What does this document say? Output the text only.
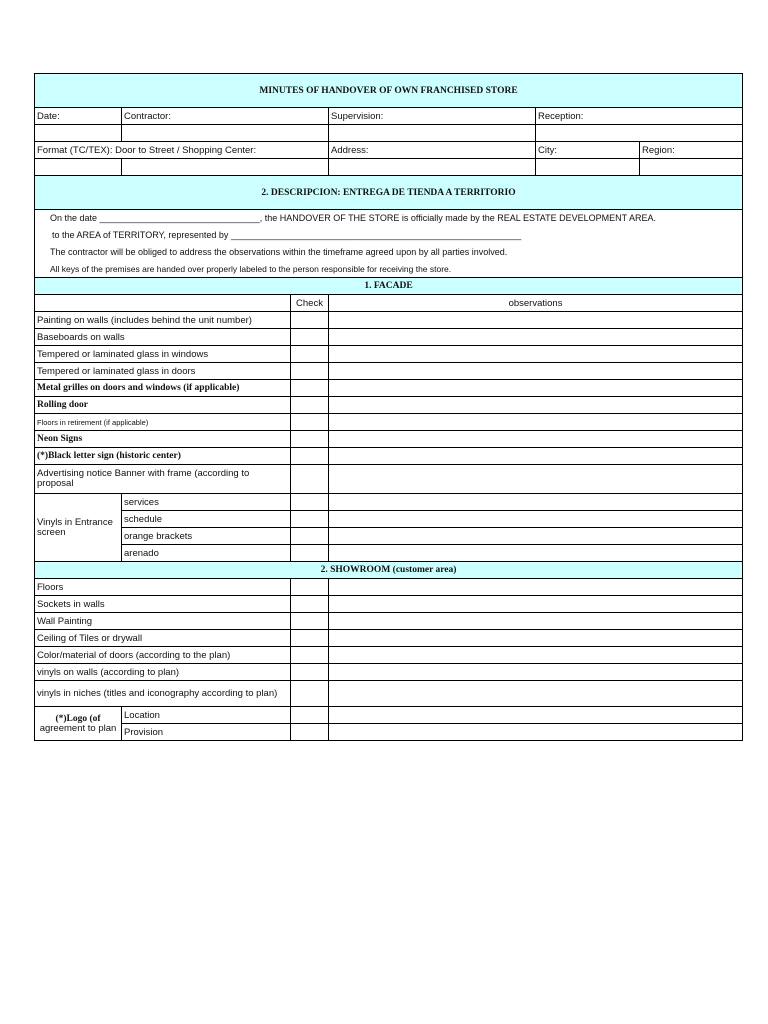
MINUTES OF HANDOVER OF OWN FRANCHISED STORE					
Date:	Contractor:		Supervision:	Reception:	

Format (TC/TEX): Door to Street / Shopping Center:			Address:	City:	Region:

2. DESCRIPCION: ENTREGA DE TIENDA A TERRITORIO					
On the date ________________________________, the HANDOVER OF THE STORE is officially made by the REAL ESTATE DEVELOPMENT AREA.					
to the AREA of TERRITORY, represented by __________________________________________________________					
The contractor will be obliged to address the observations within the timeframe agreed upon by all parties involved.					
All keys of the premises are handed over properly labeled to the person responsible for receiving the store.					
1. FACADE					
		Check	observations		
Painting on walls (includes behind the unit number)					
Baseboards on walls					
Tempered or laminated glass in windows					
Tempered or laminated glass in doors					
Metal grilles on doors and windows (if applicable)					
Rolling door					
Floors in retirement (if applicable)					
Neon Signs					
(*)Black letter sign (historic center)					
Advertising notice Banner with frame (according to proposal					
Vinyls in Entrance screen	services				
	schedule				
	orange brackets				
	arenado				
2. SHOWROOM (customer area)					
Floors					
Sockets in walls					
Wall Painting					
Ceiling of Tiles or drywall					
Color/material of doors (according to the plan)					
vinyls on walls (according to plan)					
vinyls in niches (titles and iconography according to plan)					
(*)Logo (of
agreement to plan	Location				
	Provision				
